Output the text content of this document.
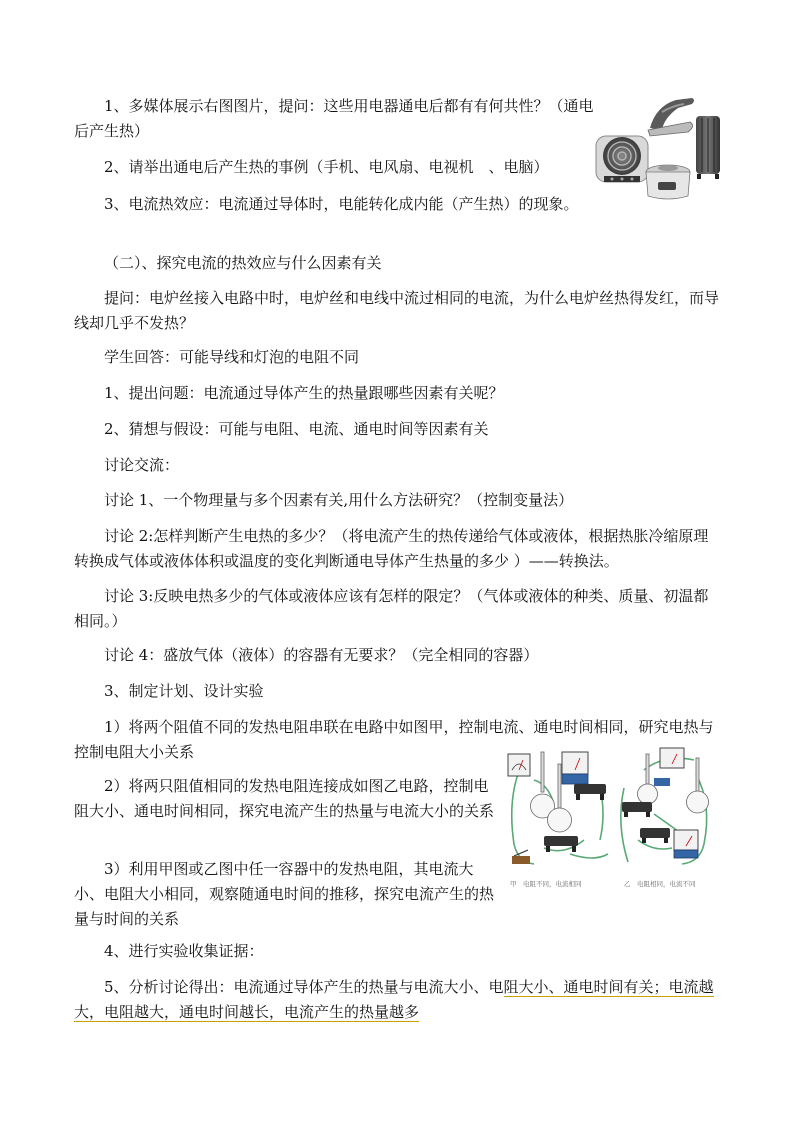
1、多媒体展示右图图片，提问：这些用电器通电后都有有何共性？（通电后产生热）

2、请举出通电后产生热的事例（手机、电风扇、电视机　、电脑）

3、电流热效应：电流通过导体时，电能转化成内能（产生热）的现象。

（二）、探究电流的热效应与什么因素有关

提问：电炉丝接入电路中时，电炉丝和电线中流过相同的电流，为什么电炉丝热得发红，而导线却几乎不发热？

学生回答：可能导线和灯泡的电阻不同

1、提出问题：电流通过导体产生的热量跟哪些因素有关呢？

2、猜想与假设：可能与电阻、电流、通电时间等因素有关

讨论交流：

讨论 1、一个物理量与多个因素有关,用什么方法研究？（控制变量法）

讨论 2:怎样判断产生电热的多少？（将电流产生的热传递给气体或液体，根据热胀冷缩原理转换成气体或液体体积或温度的变化判断通电导体产生热量的多少 ）——转换法。

讨论 3:反映电热多少的气体或液体应该有怎样的限定？（气体或液体的种类、质量、初温都相同。）

讨论 4：盛放气体（液体）的容器有无要求？（完全相同的容器）

3、制定计划、设计实验

1）将两个阻值不同的发热电阻串联在电路中如图甲，控制电流、通电时间相同，研究电热与控制电阻大小关系

2）将两只阻值相同的发热电阻连接成如图乙电路，控制电阻大小、通电时间相同，探究电流产生的热量与电流大小的关系

3）利用甲图或乙图中任一容器中的发热电阻，其电流大小、电阻大小相同，观察随通电时间的推移，探究电流产生的热量与时间的关系

4、进行实验收集证据：

5、分析讨论得出：电流通过导体产生的热量与电流大小、电阻大小、通电时间有关；电流越大，电阻越大，通电时间越长，电流产生的热量越多

甲　电阻不同，电流相同	乙　电阻相同，电流不同
